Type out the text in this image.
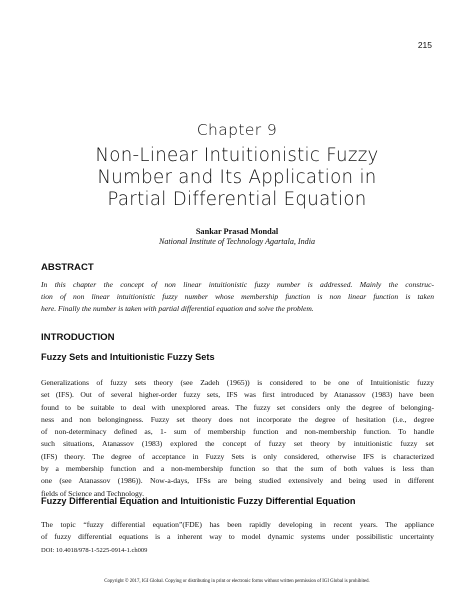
215
Chapter 9
Non-Linear Intuitionistic Fuzzy
Number and Its Application in
Partial Differential Equation
Sankar Prasad Mondal
National Institute of Technology Agartala, India
ABSTRACT
In this chapter the concept of non linear intuitionistic fuzzy number is addressed. Mainly the construc-
tion of non linear intuitionistic fuzzy number whose membership function is non linear function is taken
here. Finally the number is taken with partial differential equation and solve the problem.
INTRODUCTION
Fuzzy Sets and Intuitionistic Fuzzy Sets
Generalizations of fuzzy sets theory (see Zadeh (1965)) is considered to be one of Intuitionistic fuzzy
set (IFS). Out of several higher-order fuzzy sets, IFS was first introduced by Atanassov (1983) have been
found to be suitable to deal with unexplored areas. The fuzzy set considers only the degree of belonging-
ness and non belongingness. Fuzzy set theory does not incorporate the degree of hesitation (i.e., degree
of non-determinacy defined as, 1- sum of membership function and non-membership function. To handle
such situations, Atanassov (1983) explored the concept of fuzzy set theory by intuitionistic fuzzy set
(IFS) theory. The degree of acceptance in Fuzzy Sets is only considered, otherwise IFS is characterized
by a membership function and a non-membership function so that the sum of both values is less than
one (see Atanassov (1986)). Now-a-days, IFSs are being studied extensively and being used in different
fields of Science and Technology.
Fuzzy Differential Equation and Intuitionistic Fuzzy Differential Equation
The topic “fuzzy differential equation”(FDE) has been rapidly developing in recent years. The appliance
of fuzzy differential equations is a inherent way to model dynamic systems under possibilistic uncertainty
DOI: 10.4018/978-1-5225-0914-1.ch009
Copyright © 2017, IGI Global. Copying or distributing in print or electronic forms without written permission of IGI Global is prohibited.
